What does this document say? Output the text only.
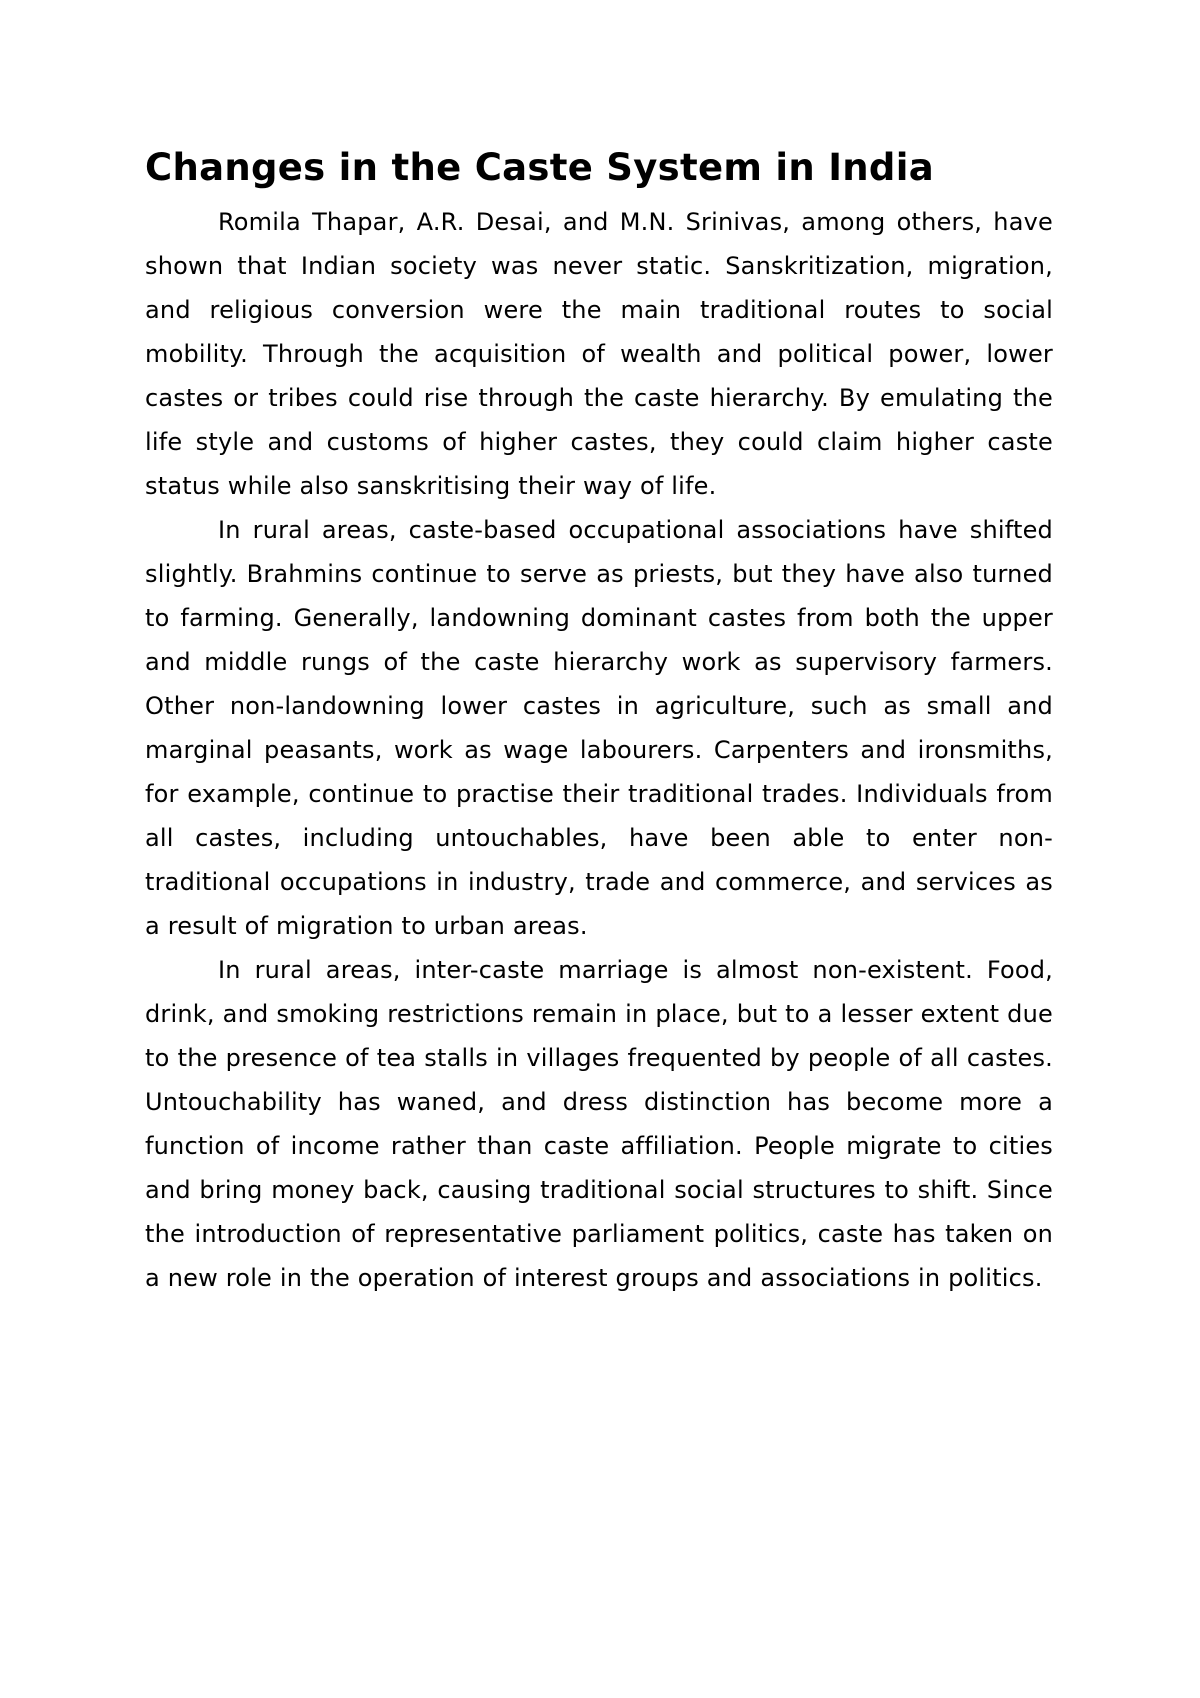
Changes in the Caste System in India

Romila Thapar, A.R. Desai, and M.N. Srinivas, among others, have shown that Indian society was never static. Sanskritization, migration, and religious conversion were the main traditional routes to social mobility. Through the acquisition of wealth and political power, lower castes or tribes could rise through the caste hierarchy. By emulating the life style and customs of higher castes, they could claim higher caste status while also sanskritising their way of life.

In rural areas, caste-based occupational associations have shifted slightly. Brahmins continue to serve as priests, but they have also turned to farming. Generally, landowning dominant castes from both the upper and middle rungs of the caste hierarchy work as supervisory farmers. Other non-landowning lower castes in agriculture, such as small and marginal peasants, work as wage labourers. Carpenters and ironsmiths, for example, continue to practise their traditional trades. Individuals from all castes, including untouchables, have been able to enter non-traditional occupations in industry, trade and commerce, and services as a result of migration to urban areas.

In rural areas, inter-caste marriage is almost non-existent. Food, drink, and smoking restrictions remain in place, but to a lesser extent due to the presence of tea stalls in villages frequented by people of all castes. Untouchability has waned, and dress distinction has become more a function of income rather than caste affiliation. People migrate to cities and bring money back, causing traditional social structures to shift. Since the introduction of representative parliament politics, caste has taken on a new role in the operation of interest groups and associations in politics.
